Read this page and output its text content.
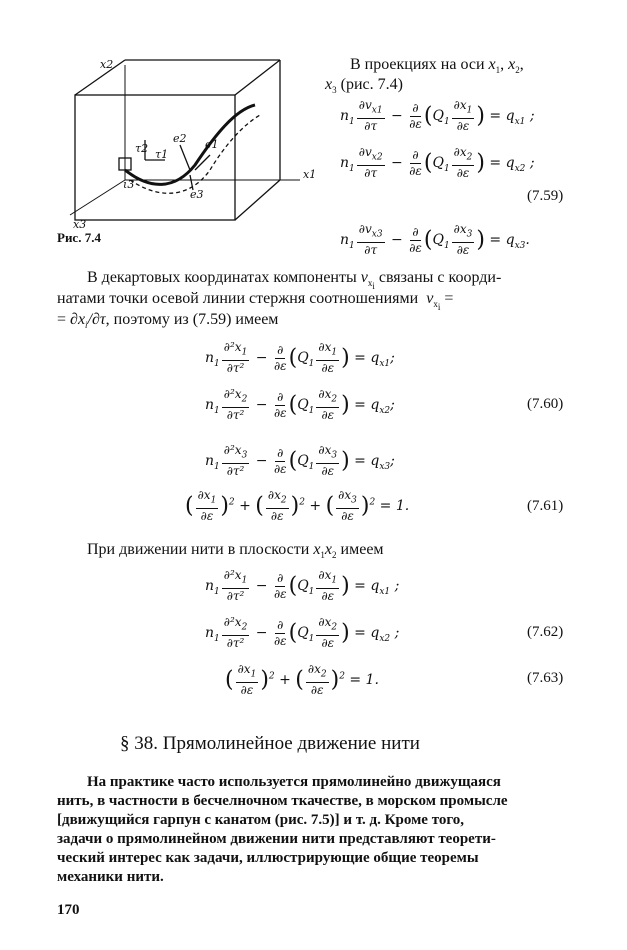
x2
x1
x3
τ2 τ1
e2 e1
ι3
e3
Рис. 7.4
В проекциях на оси $x_1$, $x_2$,
$x_3$ (рис. 7.4)
$n_1 \frac{\partial v_{x1}}{\partial\tau} - \frac{\partial}{\partial\varepsilon} (Q_1 \frac{\partial x_1}{\partial\varepsilon}$ ) = $q_{x1}$ ;
$n_1 \frac{\partial v_{x2}}{\partial\tau} - \frac{\partial}{\partial\varepsilon} (Q_1 \frac{\partial x_2}{\partial\varepsilon}$ ) = $q_{x2}$ ;
(7.59)
$n_1 \frac{\partial v_{x3}}{\partial\tau} - \frac{\partial}{\partial\varepsilon} (Q_1 \frac{\partial x_3}{\partial\varepsilon}$ ) = $q_{x3}$.
В декартовых координатах компоненты $v_{x_i}$ связаны с коорди-
натами точки осевой линии стержня соотношениями $v_{x_i}$ =
= $\partial x_i/\partial\tau$, поэтому из (7.59) имеем
$n_1 \frac{\partial^2x_1}{\text{∂τ²}} - \frac{\partial}{\partial\varepsilon} (Q_1 \frac{\partial x_1}{\partial\varepsilon}$ ) = $q_{x1}$;
$n_1 \frac{\partial^2x_2}{\text{∂τ²}} - \frac{\partial}{\partial\varepsilon} (Q_1 \frac{\partial x_2}{\partial\varepsilon}$ ) = $q_{x2}$;	(7.60)
$n_1 \frac{\partial^2x_3}{\text{∂τ²}} - \frac{\partial}{\partial\varepsilon} (Q_1 \frac{\partial x_3}{\partial\varepsilon}$ ) = $q_{x3}$;
( $\frac{\partial x_1}{\partial\varepsilon} )^2$ + ( $\frac{\partial x_2}{\partial\varepsilon} )^2$ + ( $\frac{\partial x_3}{\partial\varepsilon} )^2 = 1$.	(7.61)
При движении нити в плоскости $x_1x_2$ имеем
$n_1 \frac{\partial^2x_1}{\text{∂τ²}} - \frac{\partial}{\partial\varepsilon} (Q_1 \frac{\partial x_1}{\partial\varepsilon}$ ) = $q_{x1}$ ;
$n_1 \frac{\partial^2x_2}{\text{∂τ²}} - \frac{\partial}{\partial\varepsilon} (Q_1 \frac{\partial x_2}{\partial\varepsilon}$ ) = $q_{x2}$ ;	(7.62)
( $\frac{\partial x_1}{\partial\varepsilon} )^2$ + ( $\frac{\partial x_2}{\partial\varepsilon} )^2 = 1$.	(7.63)
§ 38. Прямолинейное движение нити
На практике часто используется прямолинейно движущаяся
нить, в частности в бесчелночном ткачестве, в морском промысле
[движущийся гарпун с канатом (рис. 7.5)] и т. д. Кроме того,
задачи о прямолинейном движении нити представляют теорети-
ческий интерес как задачи, иллюстрирующие общие теоремы
механики нити.
170
